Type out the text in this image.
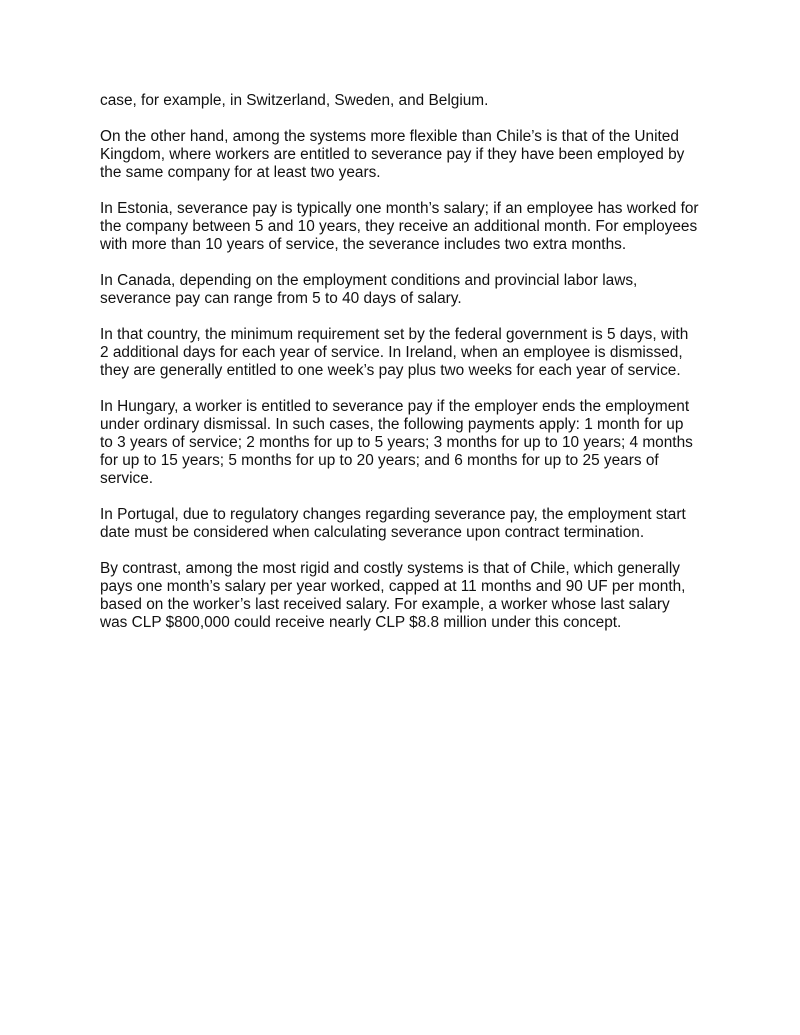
case, for example, in Switzerland, Sweden, and Belgium.

On the other hand, among the systems more flexible than Chile’s is that of the United
Kingdom, where workers are entitled to severance pay if they have been employed by
the same company for at least two years.

In Estonia, severance pay is typically one month’s salary; if an employee has worked for
the company between 5 and 10 years, they receive an additional month. For employees
with more than 10 years of service, the severance includes two extra months.

In Canada, depending on the employment conditions and provincial labor laws,
severance pay can range from 5 to 40 days of salary.

In that country, the minimum requirement set by the federal government is 5 days, with
2 additional days for each year of service. In Ireland, when an employee is dismissed,
they are generally entitled to one week’s pay plus two weeks for each year of service.

In Hungary, a worker is entitled to severance pay if the employer ends the employment
under ordinary dismissal. In such cases, the following payments apply: 1 month for up
to 3 years of service; 2 months for up to 5 years; 3 months for up to 10 years; 4 months
for up to 15 years; 5 months for up to 20 years; and 6 months for up to 25 years of
service.

In Portugal, due to regulatory changes regarding severance pay, the employment start
date must be considered when calculating severance upon contract termination.

By contrast, among the most rigid and costly systems is that of Chile, which generally
pays one month’s salary per year worked, capped at 11 months and 90 UF per month,
based on the worker’s last received salary. For example, a worker whose last salary
was CLP $800,000 could receive nearly CLP $8.8 million under this concept.
